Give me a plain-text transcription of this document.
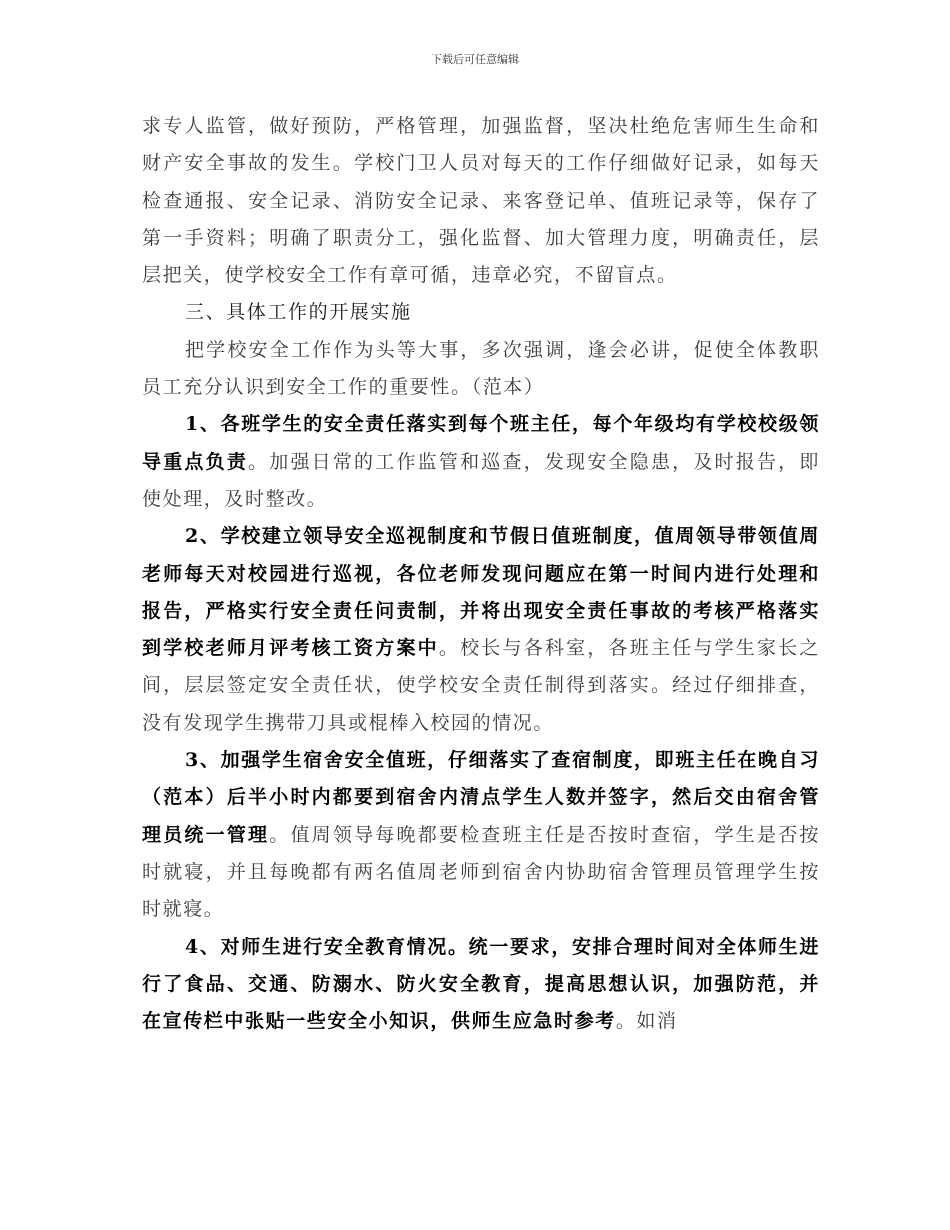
下载后可任意编辑

求专人监管，做好预防，严格管理，加强监督，坚决杜绝危害师生生命和财产安全事故的发生。学校门卫人员对每天的工作仔细做好记录，如每天检查通报、安全记录、消防安全记录、来客登记单、值班记录等，保存了第一手资料；明确了职责分工，强化监督、加大管理力度，明确责任，层层把关，使学校安全工作有章可循，违章必究，不留盲点。

三、具体工作的开展实施

把学校安全工作作为头等大事，多次强调，逢会必讲，促使全体教职员工充分认识到安全工作的重要性。（范本）

1、各班学生的安全责任落实到每个班主任，每个年级均有学校校级领导重点负责。加强日常的工作监管和巡查，发现安全隐患，及时报告，即使处理，及时整改。

2、学校建立领导安全巡视制度和节假日值班制度，值周领导带领值周老师每天对校园进行巡视，各位老师发现问题应在第一时间内进行处理和报告，严格实行安全责任问责制，并将出现安全责任事故的考核严格落实到学校老师月评考核工资方案中。校长与各科室，各班主任与学生家长之间，层层签定安全责任状，使学校安全责任制得到落实。经过仔细排查，没有发现学生携带刀具或棍棒入校园的情况。

3、加强学生宿舍安全值班，仔细落实了查宿制度，即班主任在晚自习（范本）后半小时内都要到宿舍内清点学生人数并签字，然后交由宿舍管理员统一管理。值周领导每晚都要检查班主任是否按时查宿，学生是否按时就寝，并且每晚都有两名值周老师到宿舍内协助宿舍管理员管理学生按时就寝。

4、对师生进行安全教育情况。统一要求，安排合理时间对全体师生进行了食品、交通、防溺水、防火安全教育，提高思想认识，加强防范，并在宣传栏中张贴一些安全小知识，供师生应急时参考。如消
